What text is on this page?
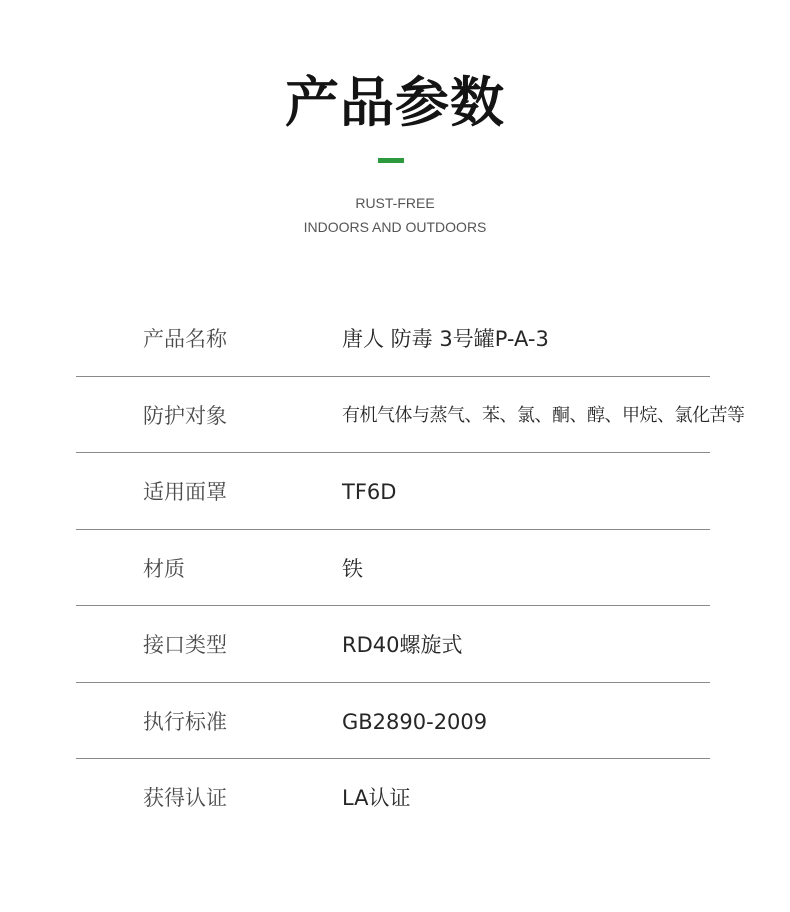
产品参数
RUST-FREE
INDOORS AND OUTDOORS
产品名称	唐人 防毒 3号罐P-A-3
防护对象	有机气体与蒸气、苯、氯、酮、醇、甲烷、氯化苦等
适用面罩	TF6D
材质	铁
接口类型	RD40螺旋式
执行标准	GB2890-2009
获得认证	LA认证
